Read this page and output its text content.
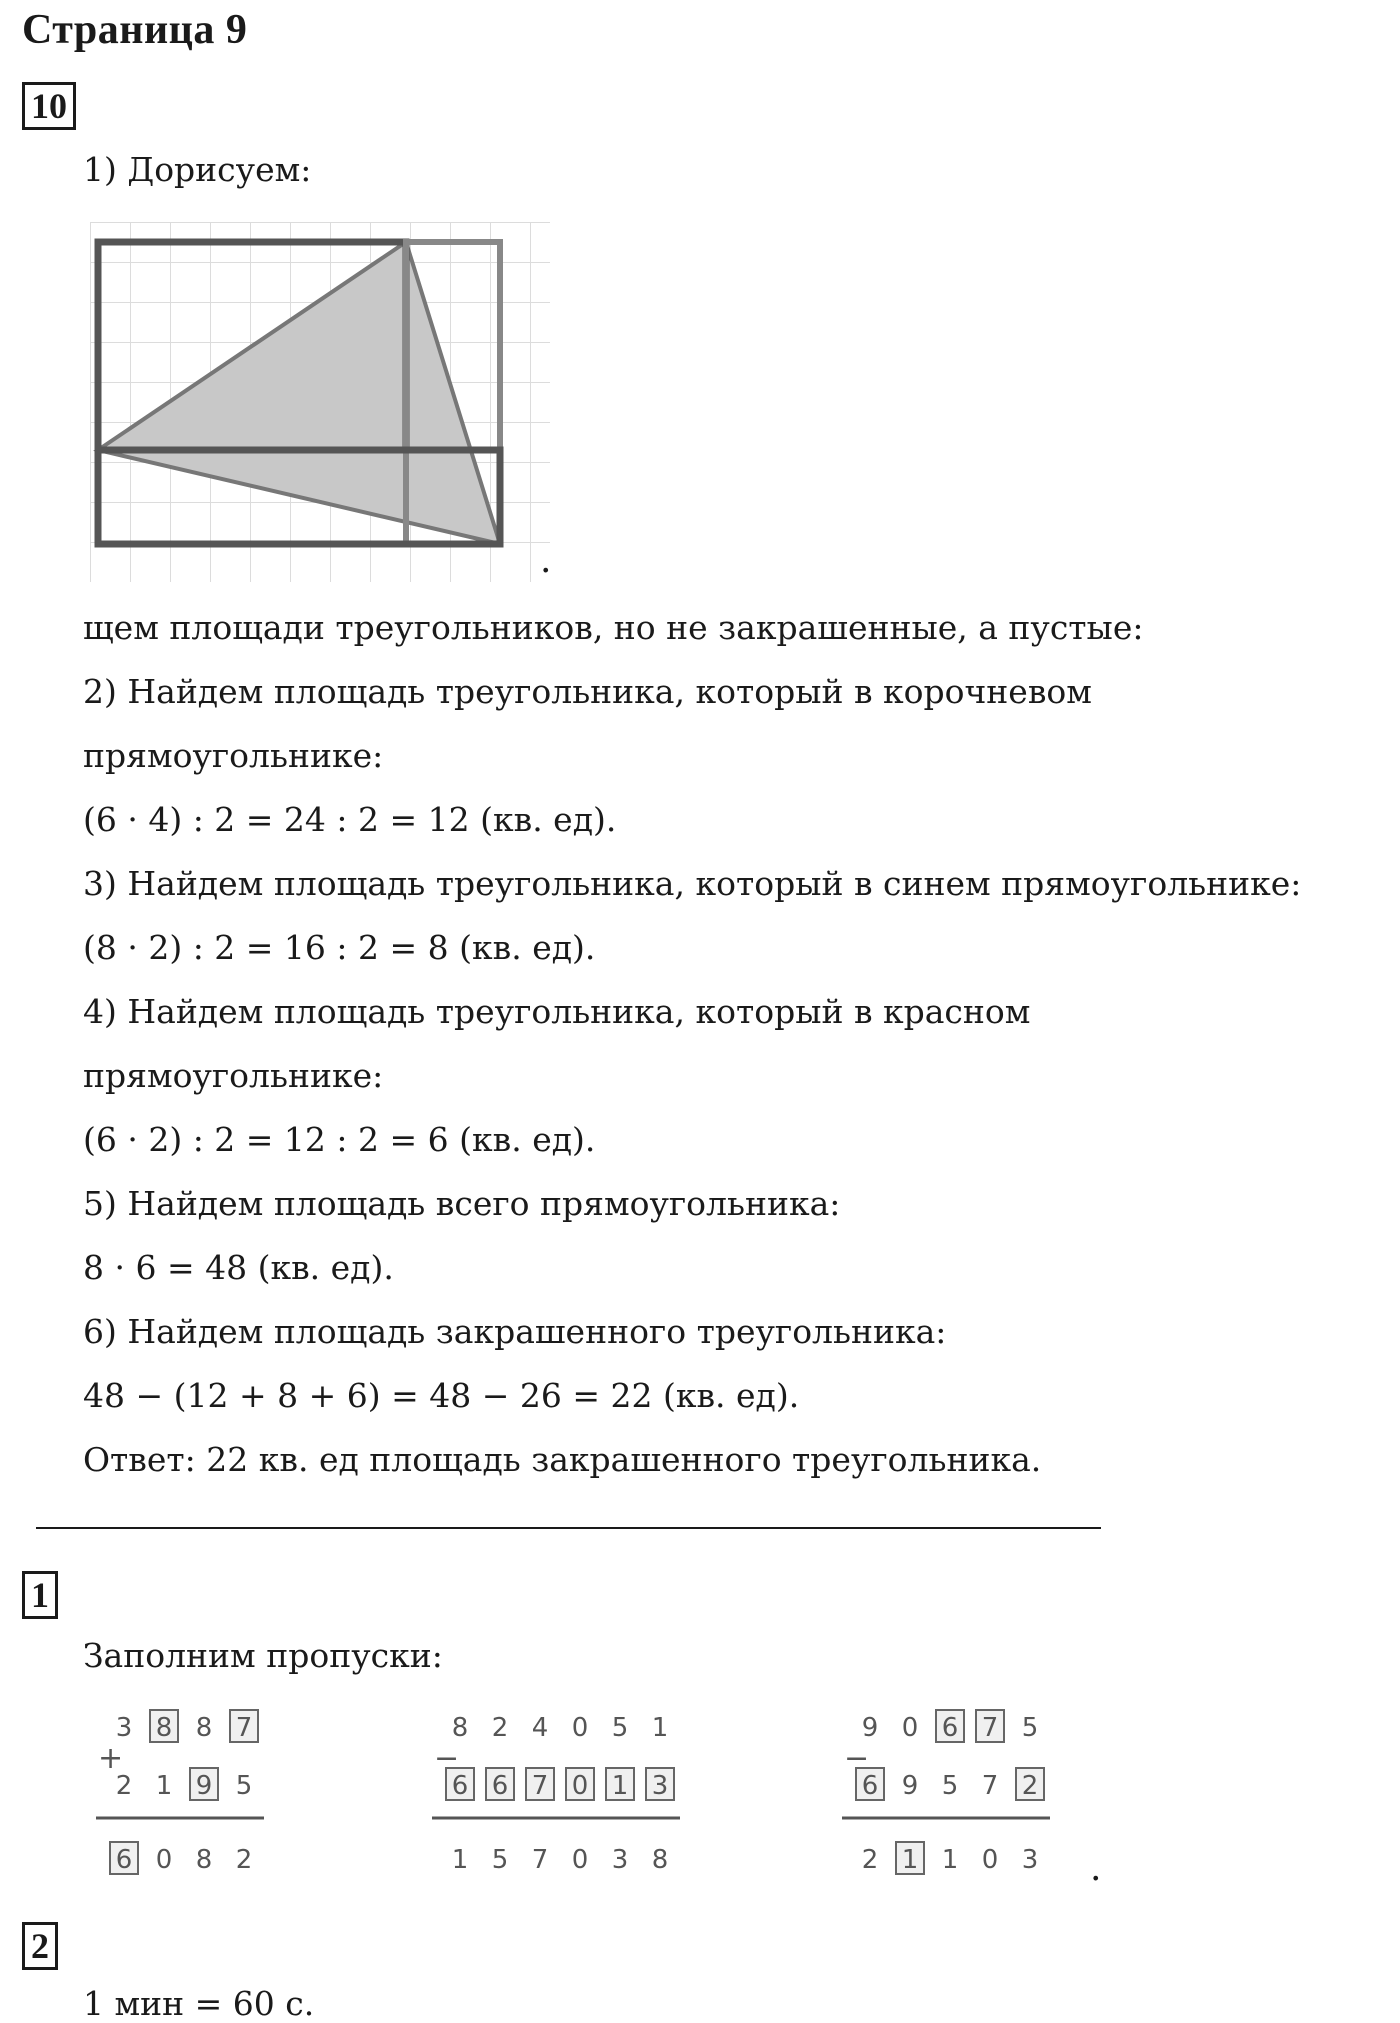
Страница 9
10
1) Дорисуем:
.
щем площади треугольников, но не закрашенные, а пустые:
2) Найдем площадь треугольника, который в корочневом
прямоугольнике:
(6 · 4) : 2 = 24 : 2 = 12 (кв. ед).
3) Найдем площадь треугольника, который в синем прямоугольнике:
(8 · 2) : 2 = 16 : 2 = 8 (кв. ед).
4) Найдем площадь треугольника, который в красном
прямоугольнике:
(6 · 2) : 2 = 12 : 2 = 6 (кв. ед).
5) Найдем площадь всего прямоугольника:
8 · 6 = 48 (кв. ед).
6) Найдем площадь закрашенного треугольника:
48 − (12 + 8 + 6) = 48 − 26 = 22 (кв. ед).
Ответ: 22 кв. ед площадь закрашенного треугольника.
1
Заполним пропуски:
3 8 8 7
2 1 9 5
6 0 8 2
+
8 2 4 0 5 1
6 6 7 0 1 3
1 5 7 0 3 8
−
9 0 6 7 5
6 9 5 7 2
2 1 1 0 3
−
.
2
1 мин = 60 с.
